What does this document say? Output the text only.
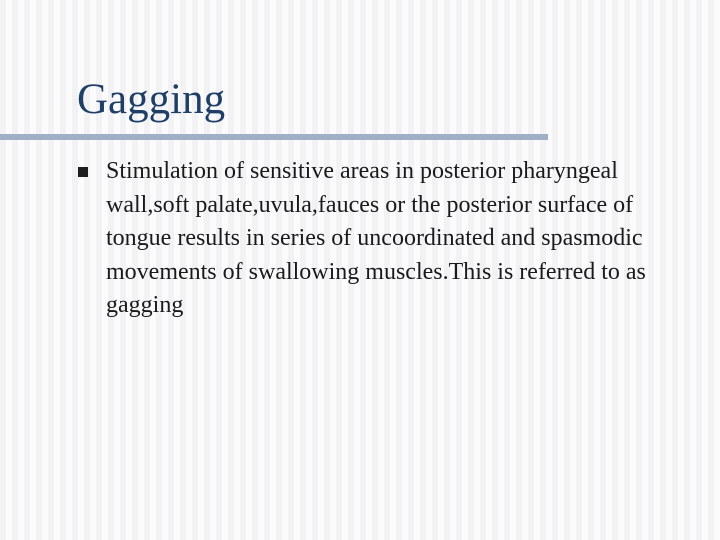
Gagging

Stimulation of sensitive areas in posterior pharyngeal wall,soft palate,uvula,fauces or the posterior surface of tongue results in series of uncoordinated and spasmodic movements of swallowing muscles.This is referred to as gagging
